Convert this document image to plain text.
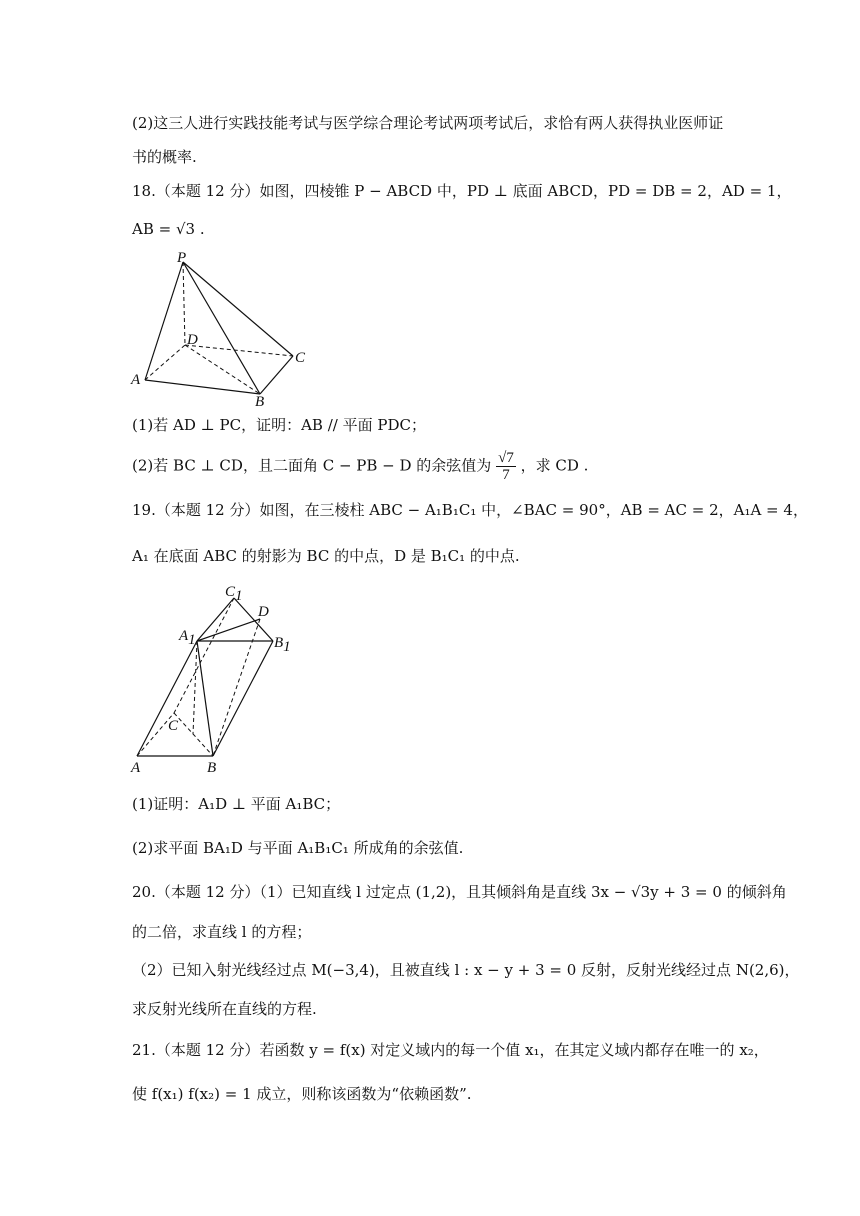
(2)这三人进行实践技能考试与医学综合理论考试两项考试后，求恰有两人获得执业医师证
书的概率.
18.（本题 12 分）如图，四棱锥 P − ABCD 中，PD ⊥ 底面 ABCD，PD = DB = 2，AD = 1，
AB = √3 .
P
D
C
A
B
(1)若 AD ⊥ PC，证明：AB // 平面 PDC；
(2)若 BC ⊥ CD，且二面角 C − PB − D 的余弦值为 $\frac{√7}{7}$ ，求 CD .
19.（本题 12 分）如图，在三棱柱 ABC − A₁B₁C₁ 中，∠BAC = 90°，AB = AC = 2，A₁A = 4，
A₁ 在底面 ABC 的射影为 BC 的中点，D 是 B₁C₁ 的中点.
C1
D
A1	B1
C
A	B
(1)证明：A₁D ⊥ 平面 A₁BC；
(2)求平面 BA₁D 与平面 A₁B₁C₁ 所成角的余弦值.
20.（本题 12 分）（1）已知直线 l 过定点 (1,2)，且其倾斜角是直线 3x − √3y + 3 = 0 的倾斜角
的二倍，求直线 l 的方程；
（2）已知入射光线经过点 M(−3,4)，且被直线 l : x − y + 3 = 0 反射，反射光线经过点 N(2,6)，
求反射光线所在直线的方程.
21.（本题 12 分）若函数 y = f(x) 对定义域内的每一个值 x₁，在其定义域内都存在唯一的 x₂，
使 f(x₁) f(x₂) = 1 成立，则称该函数为“依赖函数”.
